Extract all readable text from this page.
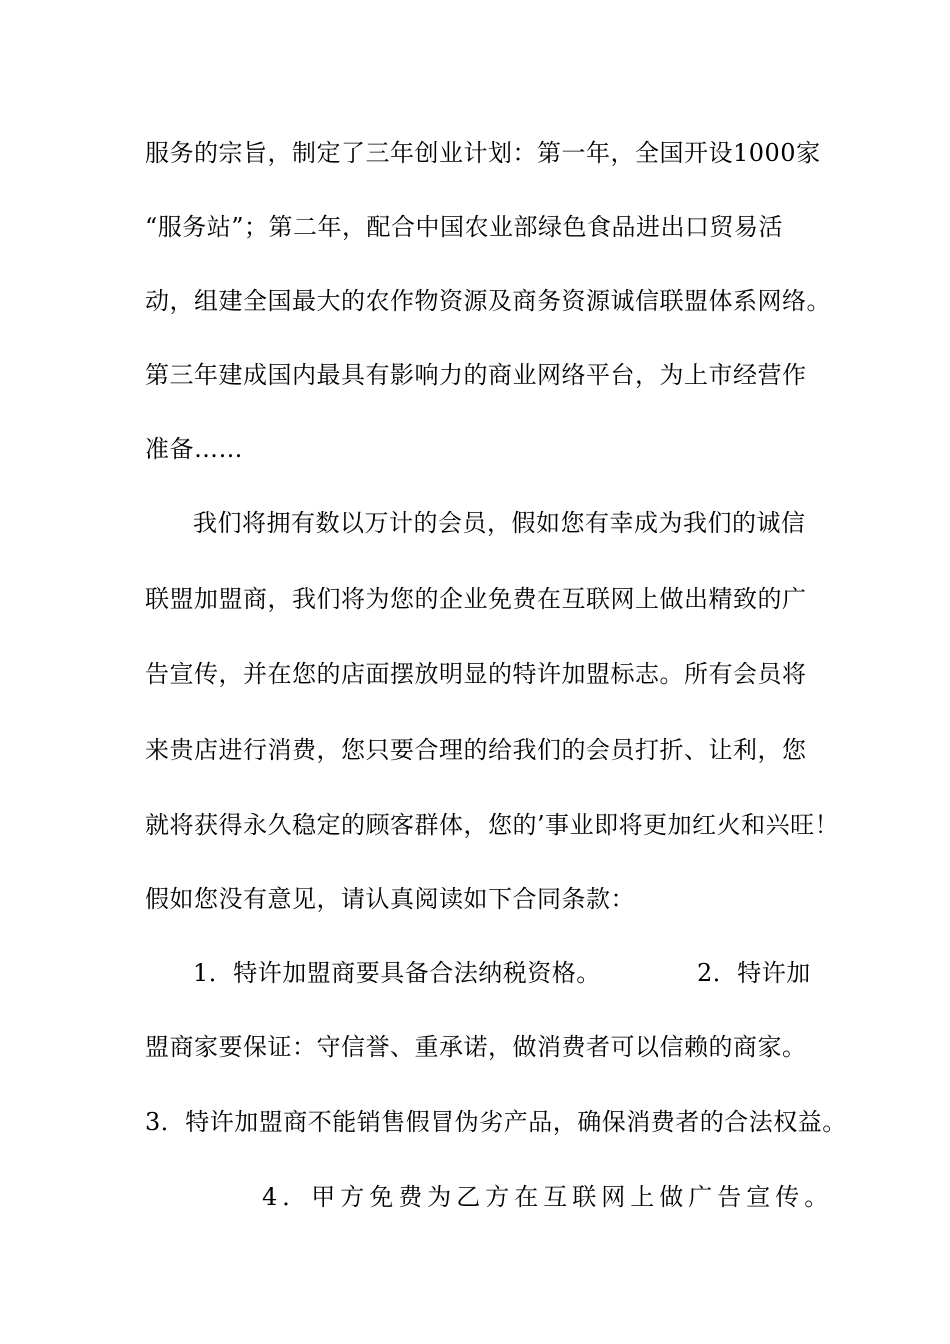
服务的宗旨，制定了三年创业计划：第一年，全国开设1000家
“服务站”；第二年，配合中国农业部绿色食品进出口贸易活
动，组建全国最大的农作物资源及商务资源诚信联盟体系网络。
第三年建成国内最具有影响力的商业网络平台，为上市经营作
准备……
我们将拥有数以万计的会员，假如您有幸成为我们的诚信
联盟加盟商，我们将为您的企业免费在互联网上做出精致的广
告宣传，并在您的店面摆放明显的特许加盟标志。所有会员将
来贵店进行消费，您只要合理的给我们的会员打折、让利，您
就将获得永久稳定的顾客群体，您的’事业即将更加红火和兴旺！
假如您没有意见，请认真阅读如下合同条款：
1．特许加盟商要具备合法纳税资格。	2．特许加
盟商家要保证：守信誉、重承诺，做消费者可以信赖的商家。
3．特许加盟商不能销售假冒伪劣产品，确保消费者的合法权益。
4．甲方免费为乙方在互联网上做广告宣传。
